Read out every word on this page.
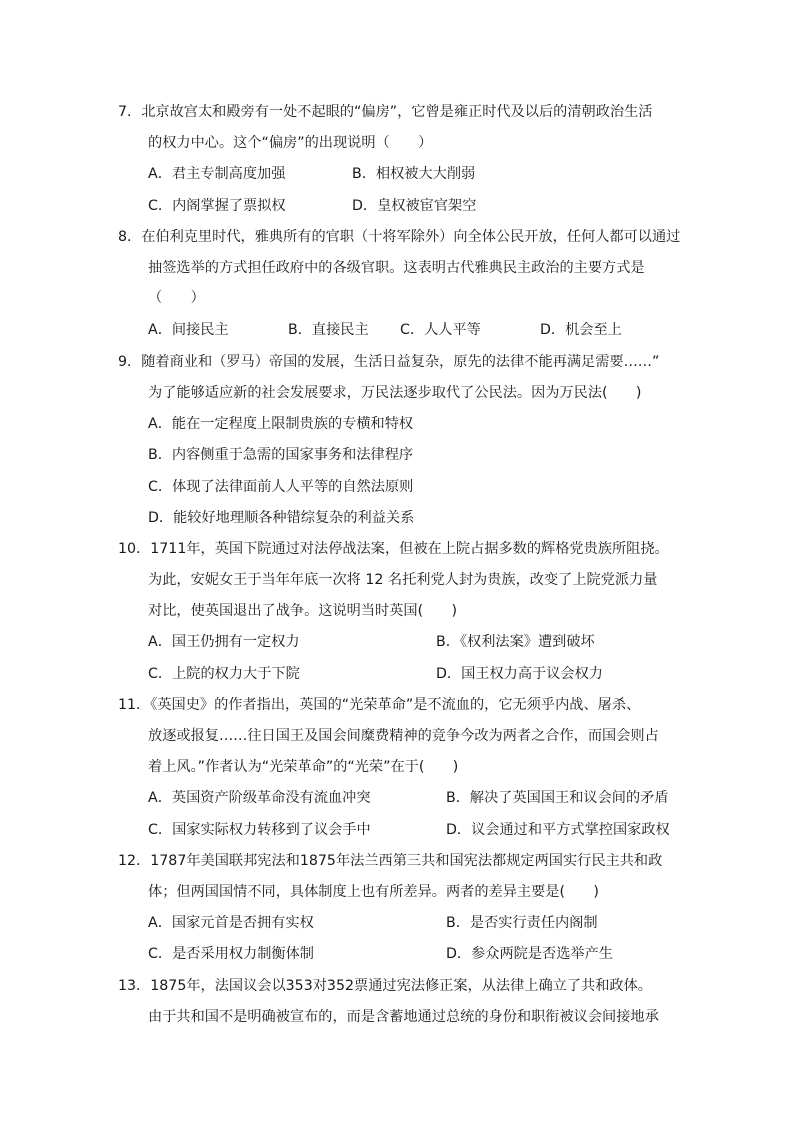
7．北京故宫太和殿旁有一处不起眼的“偏房”，它曾是雍正时代及以后的清朝政治生活
的权力中心。这个“偏房”的出现说明（　　）
A．君主专制高度加强	B．相权被大大削弱
C．内阁掌握了票拟权	D．皇权被宦官架空
8．在伯利克里时代，雅典所有的官职（十将军除外）向全体公民开放，任何人都可以通过
抽签选举的方式担任政府中的各级官职。这表明古代雅典民主政治的主要方式是
（　　）
A．间接民主	B．直接民主 C．人人平等	D．机会至上
9．随着商业和（罗马）帝国的发展，生活日益复杂，原先的法律不能再满足需要……”
为了能够适应新的社会发展要求，万民法逐步取代了公民法。因为万民法(　　)
A．能在一定程度上限制贵族的专横和特权
B．内容侧重于急需的国家事务和法律程序
C．体现了法律面前人人平等的自然法原则
D．能较好地理顺各种错综复杂的利益关系
10．1711年，英国下院通过对法停战法案，但被在上院占据多数的辉格党贵族所阻挠。
为此，安妮女王于当年年底一次将 12 名托利党人封为贵族，改变了上院党派力量
对比，使英国退出了战争。这说明当时英国(　　)
A．国王仍拥有一定权力	B．《权利法案》遭到破坏
C．上院的权力大于下院	D．国王权力高于议会权力
11．《英国史》的作者指出，英国的“光荣革命”是不流血的，它无须乎内战、屠杀、
放逐或报复……往日国王及国会间糜费精神的竞争今改为两者之合作，而国会则占
着上风。”作者认为“光荣革命”的“光荣”在于(　　)
A．英国资产阶级革命没有流血冲突	B．解决了英国国王和议会间的矛盾
C．国家实际权力转移到了议会手中	D．议会通过和平方式掌控国家政权
12．1787年美国联邦宪法和1875年法兰西第三共和国宪法都规定两国实行民主共和政
体；但两国国情不同，具体制度上也有所差异。两者的差异主要是(　　)
A．国家元首是否拥有实权	B．是否实行责任内阁制
C．是否采用权力制衡体制	D．参众两院是否选举产生
13．1875年，法国议会以353对352票通过宪法修正案，从法律上确立了共和政体。
由于共和国不是明确被宣布的，而是含蓄地通过总统的身份和职衔被议会间接地承
